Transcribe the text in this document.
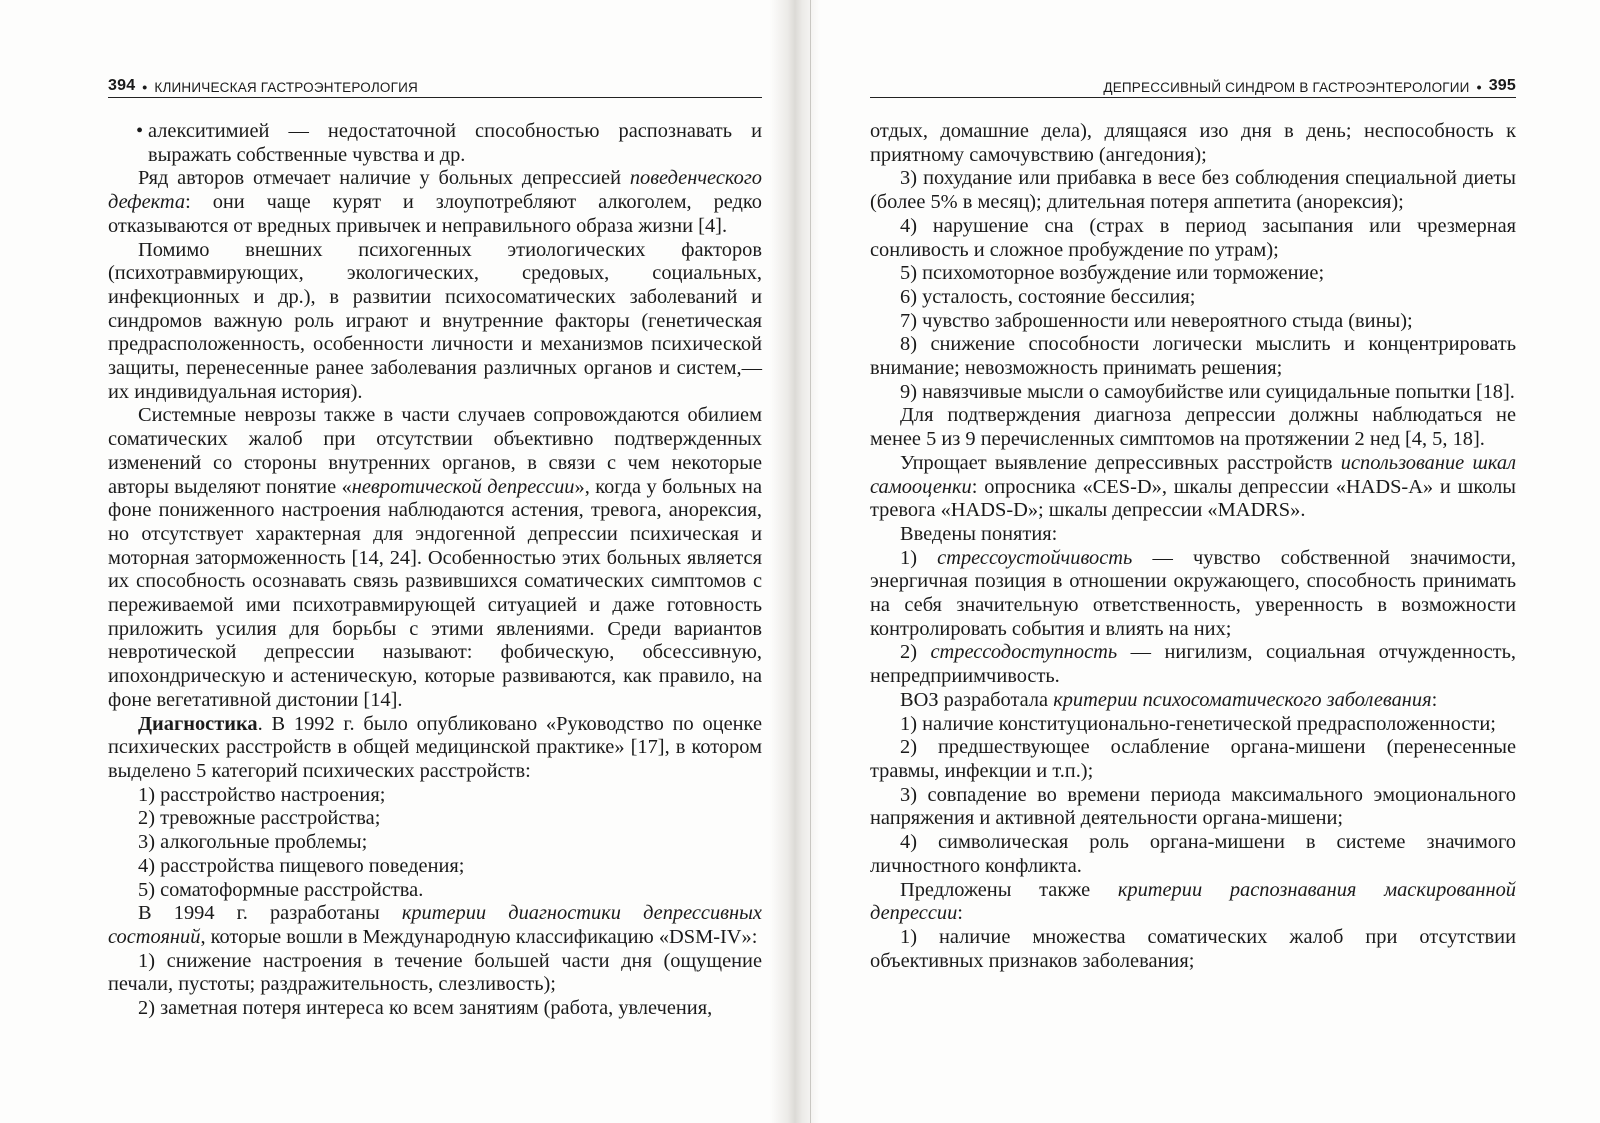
394 • КЛИНИЧЕСКАЯ ГАСТРОЭНТЕРОЛОГИЯ

• алекситимией — недостаточной способностью распознавать и выражать собственные чувства и др.

Ряд авторов отмечает наличие у больных депрессией поведенческого дефекта: они чаще курят и злоупотребляют алкоголем, редко отказываются от вредных привычек и неправильного образа жизни [4].

Помимо внешних психогенных этиологических факторов (психотравмирующих, экологических, средовых, социальных, инфекционных и др.), в развитии психосоматических заболеваний и синдромов важную роль играют и внутренние факторы (генетическая предрасположенность, особенности личности и механизмов психической защиты, перенесенные ранее заболевания различных органов и систем,— их индивидуальная история).

Системные неврозы также в части случаев сопровождаются обилием соматических жалоб при отсутствии объективно подтвержденных изменений со стороны внутренних органов, в связи с чем некоторые авторы выделяют понятие «невротической депрессии», когда у больных на фоне пониженного настроения наблюдаются астения, тревога, анорексия, но отсутствует характерная для эндогенной депрессии психическая и моторная заторможенность [14, 24]. Особенностью этих больных является их способность осознавать связь развившихся соматических симптомов с переживаемой ими психотравмирующей ситуацией и даже готовность приложить усилия для борьбы с этими явлениями. Среди вариантов невротической депрессии называют: фобическую, обсессивную, ипохондрическую и астеническую, которые развиваются, как правило, на фоне вегетативной дистонии [14].

Диагностика. В 1992 г. было опубликовано «Руководство по оценке психических расстройств в общей медицинской практике» [17], в котором выделено 5 категорий психических расстройств:

1) расстройство настроения;

2) тревожные расстройства;

3) алкогольные проблемы;

4) расстройства пищевого поведения;

5) соматоформные расстройства.

В 1994 г. разработаны критерии диагностики депрессивных состояний, которые вошли в Международную классификацию «DSM-IV»:

1) снижение настроения в течение большей части дня (ощущение печали, пустоты; раздражительность, слезливость);

2) заметная потеря интереса ко всем занятиям (работа, увлечения,

ДЕПРЕССИВНЫЙ СИНДРОМ В ГАСТРОЭНТЕРОЛОГИИ • 395

отдых, домашние дела), длящаяся изо дня в день; неспособность к приятному самочувствию (ангедония);

3) похудание или прибавка в весе без соблюдения специальной диеты (более 5% в месяц); длительная потеря аппетита (анорексия);

4) нарушение сна (страх в период засыпания или чрезмерная сонливость и сложное пробуждение по утрам);

5) психомоторное возбуждение или торможение;

6) усталость, состояние бессилия;

7) чувство заброшенности или невероятного стыда (вины);

8) снижение способности логически мыслить и концентрировать внимание; невозможность принимать решения;

9) навязчивые мысли о самоубийстве или суицидальные попытки [18].

Для подтверждения диагноза депрессии должны наблюдаться не менее 5 из 9 перечисленных симптомов на протяжении 2 нед [4, 5, 18].

Упрощает выявление депрессивных расстройств использование шкал самооценки: опросника «CES-D», шкалы депрессии «HADS-A» и школы тревога «HADS-D»; шкалы депрессии «MADRS».

Введены понятия:

1) стрессоустойчивость — чувство собственной значимости, энергичная позиция в отношении окружающего, способность принимать на себя значительную ответственность, уверенность в возможности контролировать события и влиять на них;

2) стрессодоступность — нигилизм, социальная отчужденность, непредприимчивость.

ВОЗ разработала критерии психосоматического заболевания:

1) наличие конституционально-генетической предрасположенности;

2) предшествующее ослабление органа-мишени (перенесенные травмы, инфекции и т.п.);

3) совпадение во времени периода максимального эмоционального напряжения и активной деятельности органа-мишени;

4) символическая роль органа-мишени в системе значимого личностного конфликта.

Предложены также критерии распознавания маскированной депрессии:

1) наличие множества соматических жалоб при отсутствии объективных признаков заболевания;
